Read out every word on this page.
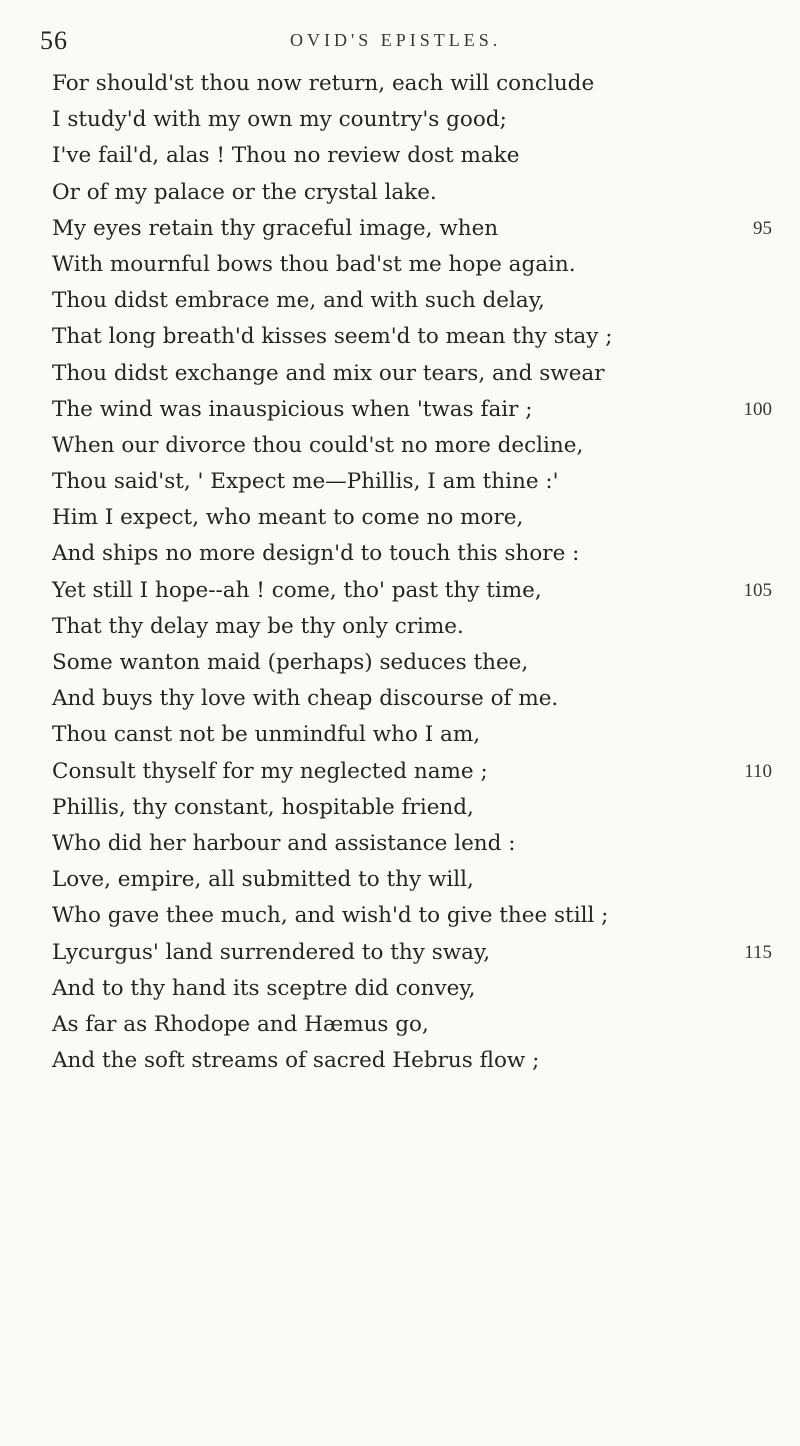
56	OVID'S EPISTLES.
For should'st thou now return, each will conclude
I study'd with my own my country's good;
I've fail'd, alas ! Thou no review dost make
Or of my palace or the crystal lake.
My eyes retain thy graceful image, when	95
With mournful bows thou bad'st me hope again.
Thou didst embrace me, and with such delay,
That long breath'd kisses seem'd to mean thy stay ;
Thou didst exchange and mix our tears, and swear
The wind was inauspicious when 'twas fair ;	100
When our divorce thou could'st no more decline,
Thou said'st, ' Expect me—Phillis, I am thine :'
Him I expect, who meant to come no more,
And ships no more design'd to touch this shore :
Yet still I hope--ah ! come, tho' past thy time,	105
That thy delay may be thy only crime.
Some wanton maid (perhaps) seduces thee,
And buys thy love with cheap discourse of me.
Thou canst not be unmindful who I am,
Consult thyself for my neglected name ;	110
Phillis, thy constant, hospitable friend,
Who did her harbour and assistance lend :
Love, empire, all submitted to thy will,
Who gave thee much, and wish'd to give thee still ;
Lycurgus' land surrendered to thy sway,	115
And to thy hand its sceptre did convey,
As far as Rhodope and Hæmus go,
And the soft streams of sacred Hebrus flow ;
